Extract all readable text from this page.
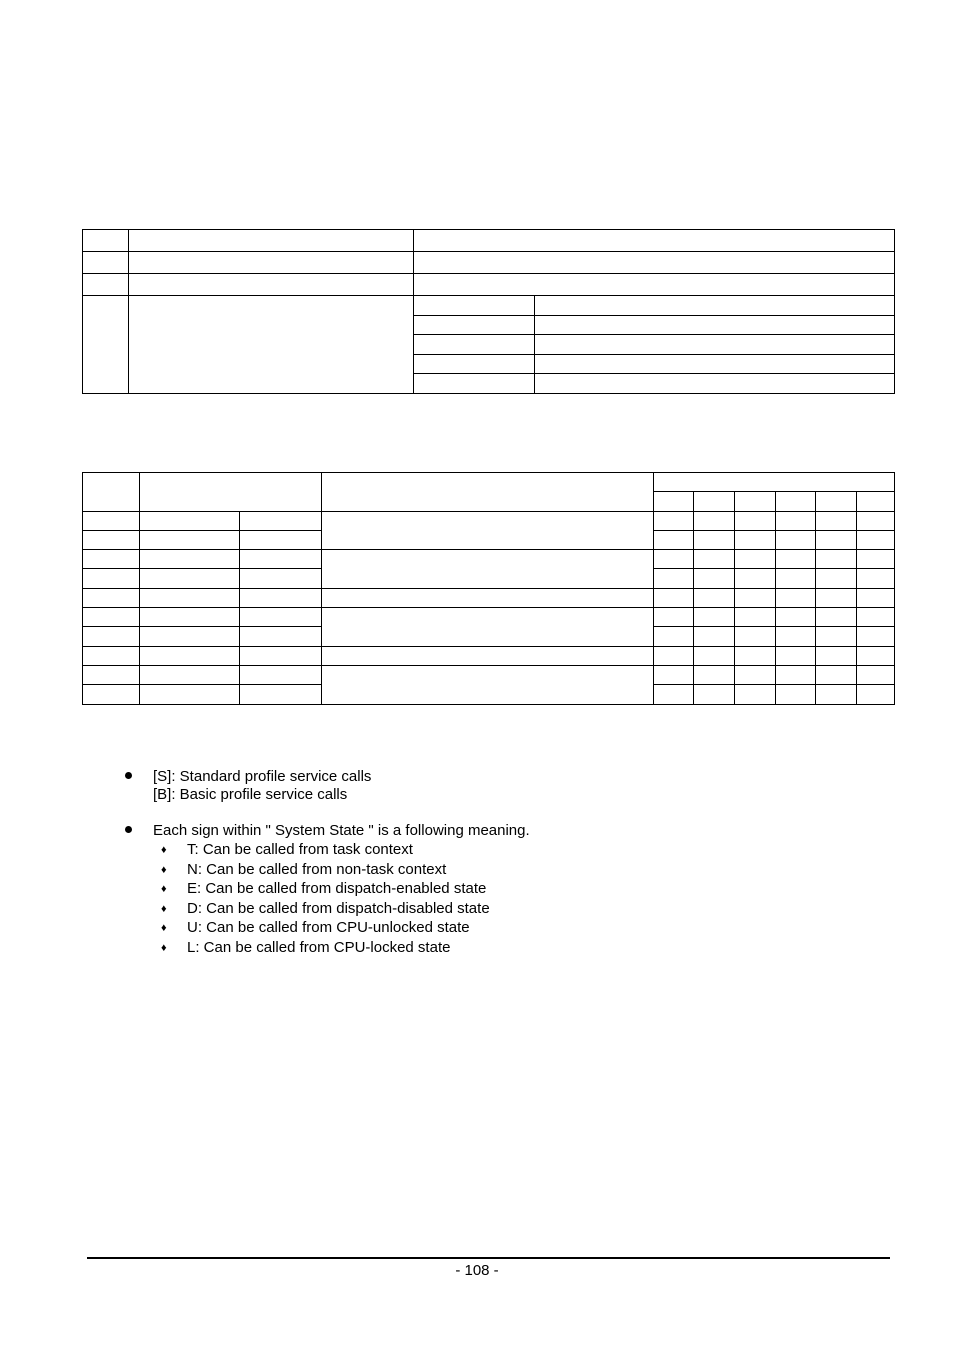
[S]: Standard profile service calls
[B]: Basic profile service calls
Each sign within " System State " is a following meaning.
♦ T: Can be called from task context
♦ N: Can be called from non-task context
♦ E: Can be called from dispatch-enabled state
♦ D: Can be called from dispatch-disabled state
♦ U: Can be called from CPU-unlocked state
♦ L: Can be called from CPU-locked state
- 108 -
